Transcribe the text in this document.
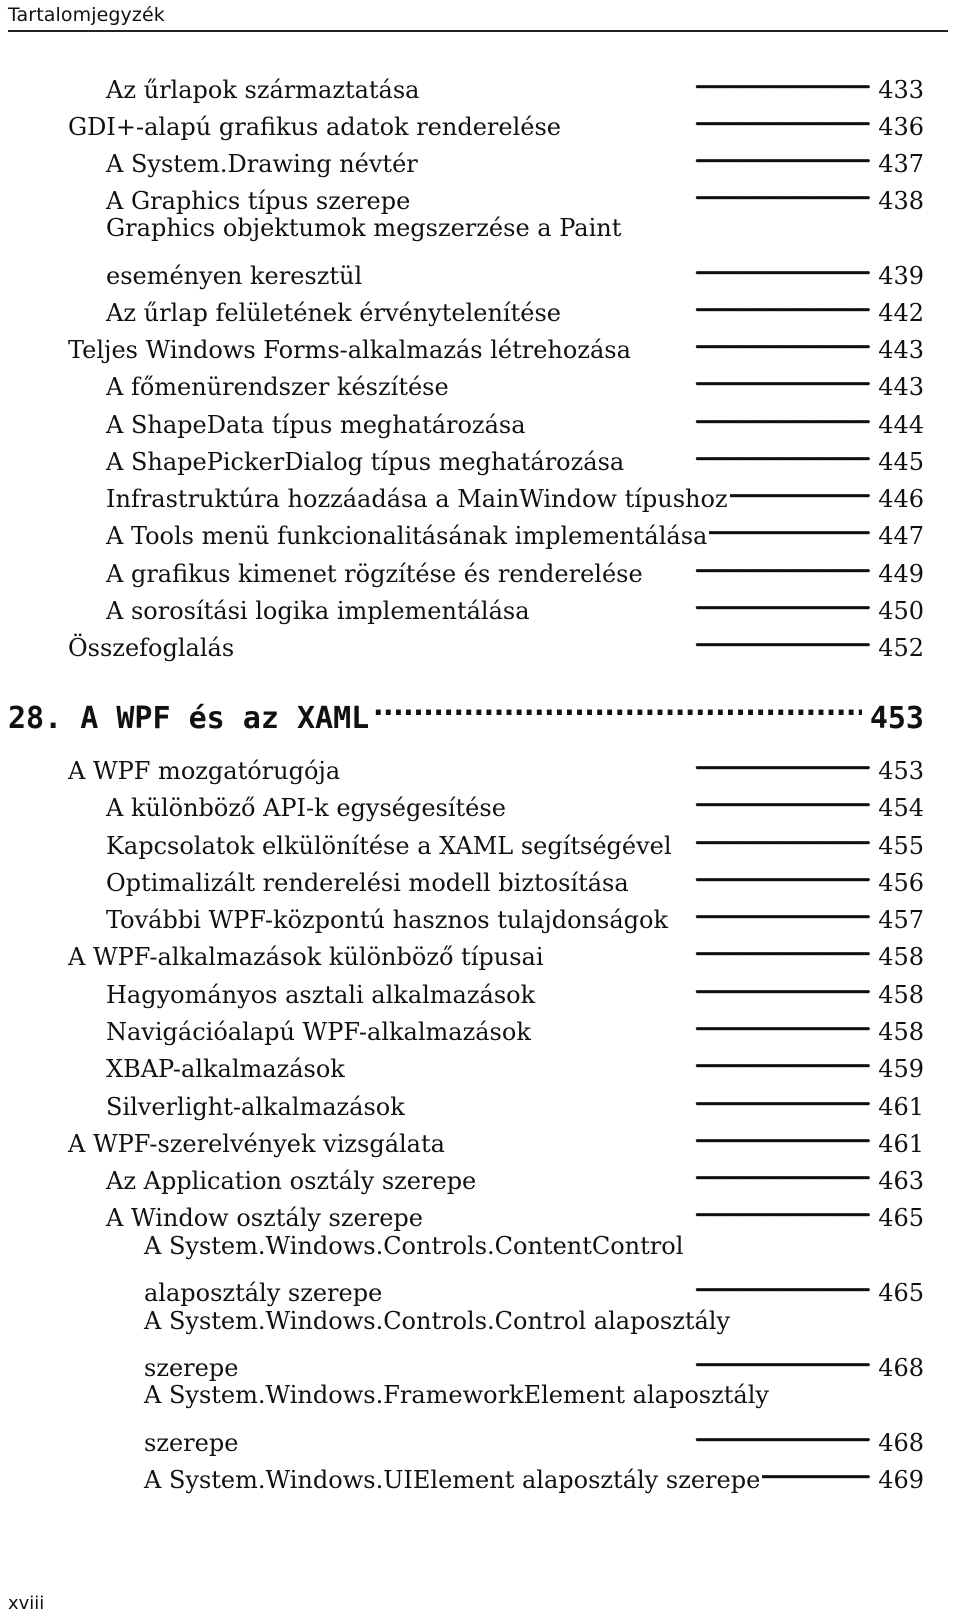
Tartalomjegyzék
Az űrlapok származtatása . . .	433
GDI+-alapú grafikus adatok renderelése . . .	436
A System.Drawing névtér . . .	437
A Graphics típus szerepe . . .	438
Graphics objektumok megszerzése a Paint
eseményen keresztül . . .	439
Az űrlap felületének érvénytelenítése . . .	442
Teljes Windows Forms-alkalmazás létrehozása . . .	443
A főmenürendszer készítése . . .	443
A ShapeData típus meghatározása . . .	444
A ShapePickerDialog típus meghatározása . . .	445
Infrastruktúra hozzáadása a MainWindow típushoz . . .	446
A Tools menü funkcionalitásának implementálása . . .	447
A grafikus kimenet rögzítése és renderelése . . .	449
A sorosítási logika implementálása . . .	450
Összefoglalás . . .	452
28. A WPF és az XAML .....	453
A WPF mozgatórugója . . .	453
A különböző API-k egységesítése . . .	454
Kapcsolatok elkülönítése a XAML segítségével . . .	455
Optimalizált renderelési modell biztosítása . . .	456
További WPF-központú hasznos tulajdonságok . . .	457
A WPF-alkalmazások különböző típusai . . .	458
Hagyományos asztali alkalmazások . . .	458
Navigációalapú WPF-alkalmazások . . .	458
XBAP-alkalmazások . . .	459
Silverlight-alkalmazások . . .	461
A WPF-szerelvények vizsgálata . . .	461
Az Application osztály szerepe . . .	463
A Window osztály szerepe . . .	465
A System.Windows.Controls.ContentControl
alaposztály szerepe . . .	465
A System.Windows.Controls.Control alaposztály
szerepe . . .	468
A System.Windows.FrameworkElement alaposztály
szerepe . . .	468
A System.Windows.UIElement alaposztály szerepe . . .	469
xviii
